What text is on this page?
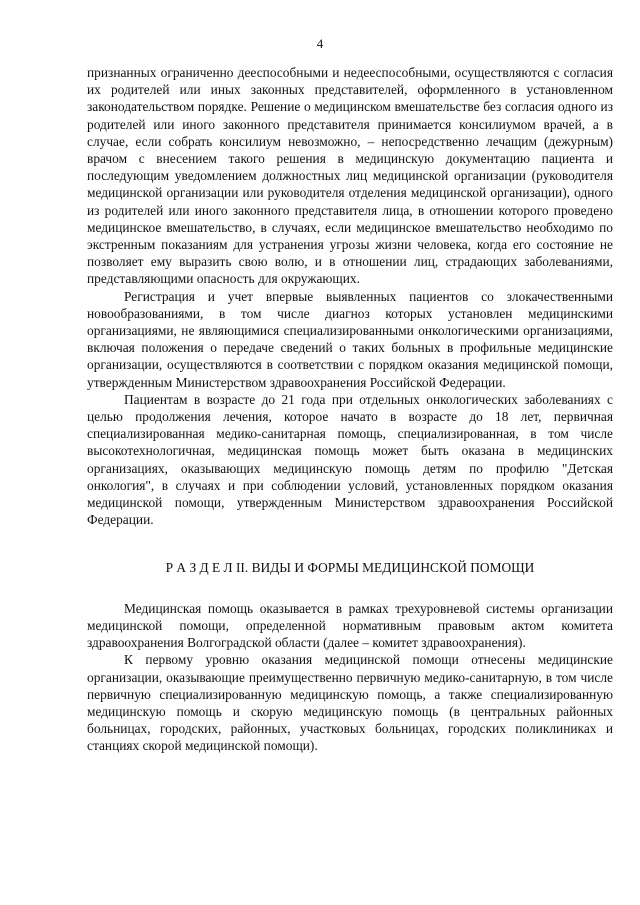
4

признанных ограниченно дееспособными и недееспособными, осуществляются с согласия их родителей или иных законных представителей, оформленного в установленном законодательством порядке. Решение о медицинском вмешательстве без согласия одного из родителей или иного законного представителя принимается консилиумом врачей, а в случае, если собрать консилиум невозможно, – непосредственно лечащим (дежурным) врачом с внесением такого решения в медицинскую документацию пациента и последующим уведомлением должностных лиц медицинской организации (руководителя медицинской организации или руководителя отделения медицинской организации), одного из родителей или иного законного представителя лица, в отношении которого проведено медицинское вмешательство, в случаях, если медицинское вмешательство необходимо по экстренным показаниям для устранения угрозы жизни человека, когда его состояние не позволяет ему выразить свою волю, и в отношении лиц, страдающих заболеваниями, представляющими опасность для окружающих.

Регистрация и учет впервые выявленных пациентов со злокачественными новообразованиями, в том числе диагноз которых установлен медицинскими организациями, не являющимися специализированными онкологическими организациями, включая положения о передаче сведений о таких больных в профильные медицинские организации, осуществляются в соответствии с порядком оказания медицинской помощи, утвержденным Министерством здравоохранения Российской Федерации.

Пациентам в возрасте до 21 года при отдельных онкологических заболеваниях с целью продолжения лечения, которое начато в возрасте до 18 лет, первичная специализированная медико-санитарная помощь, специализированная, в том числе высокотехнологичная, медицинская помощь может быть оказана в медицинских организациях, оказывающих медицинскую помощь детям по профилю "Детская онкология", в случаях и при соблюдении условий, установленных порядком оказания медицинской помощи, утвержденным Министерством здравоохранения Российской Федерации.

Р А З Д Е Л II. ВИДЫ И ФОРМЫ МЕДИЦИНСКОЙ ПОМОЩИ

Медицинская помощь оказывается в рамках трехуровневой системы организации медицинской помощи, определенной нормативным правовым актом комитета здравоохранения Волгоградской области (далее – комитет здравоохранения).

К первому уровню оказания медицинской помощи отнесены медицинские организации, оказывающие преимущественно первичную медико-санитарную, в том числе первичную специализированную медицинскую помощь, а также специализированную медицинскую помощь и скорую медицинскую помощь (в центральных районных больницах, городских, районных, участковых больницах, городских поликлиниках и станциях скорой медицинской помощи).
